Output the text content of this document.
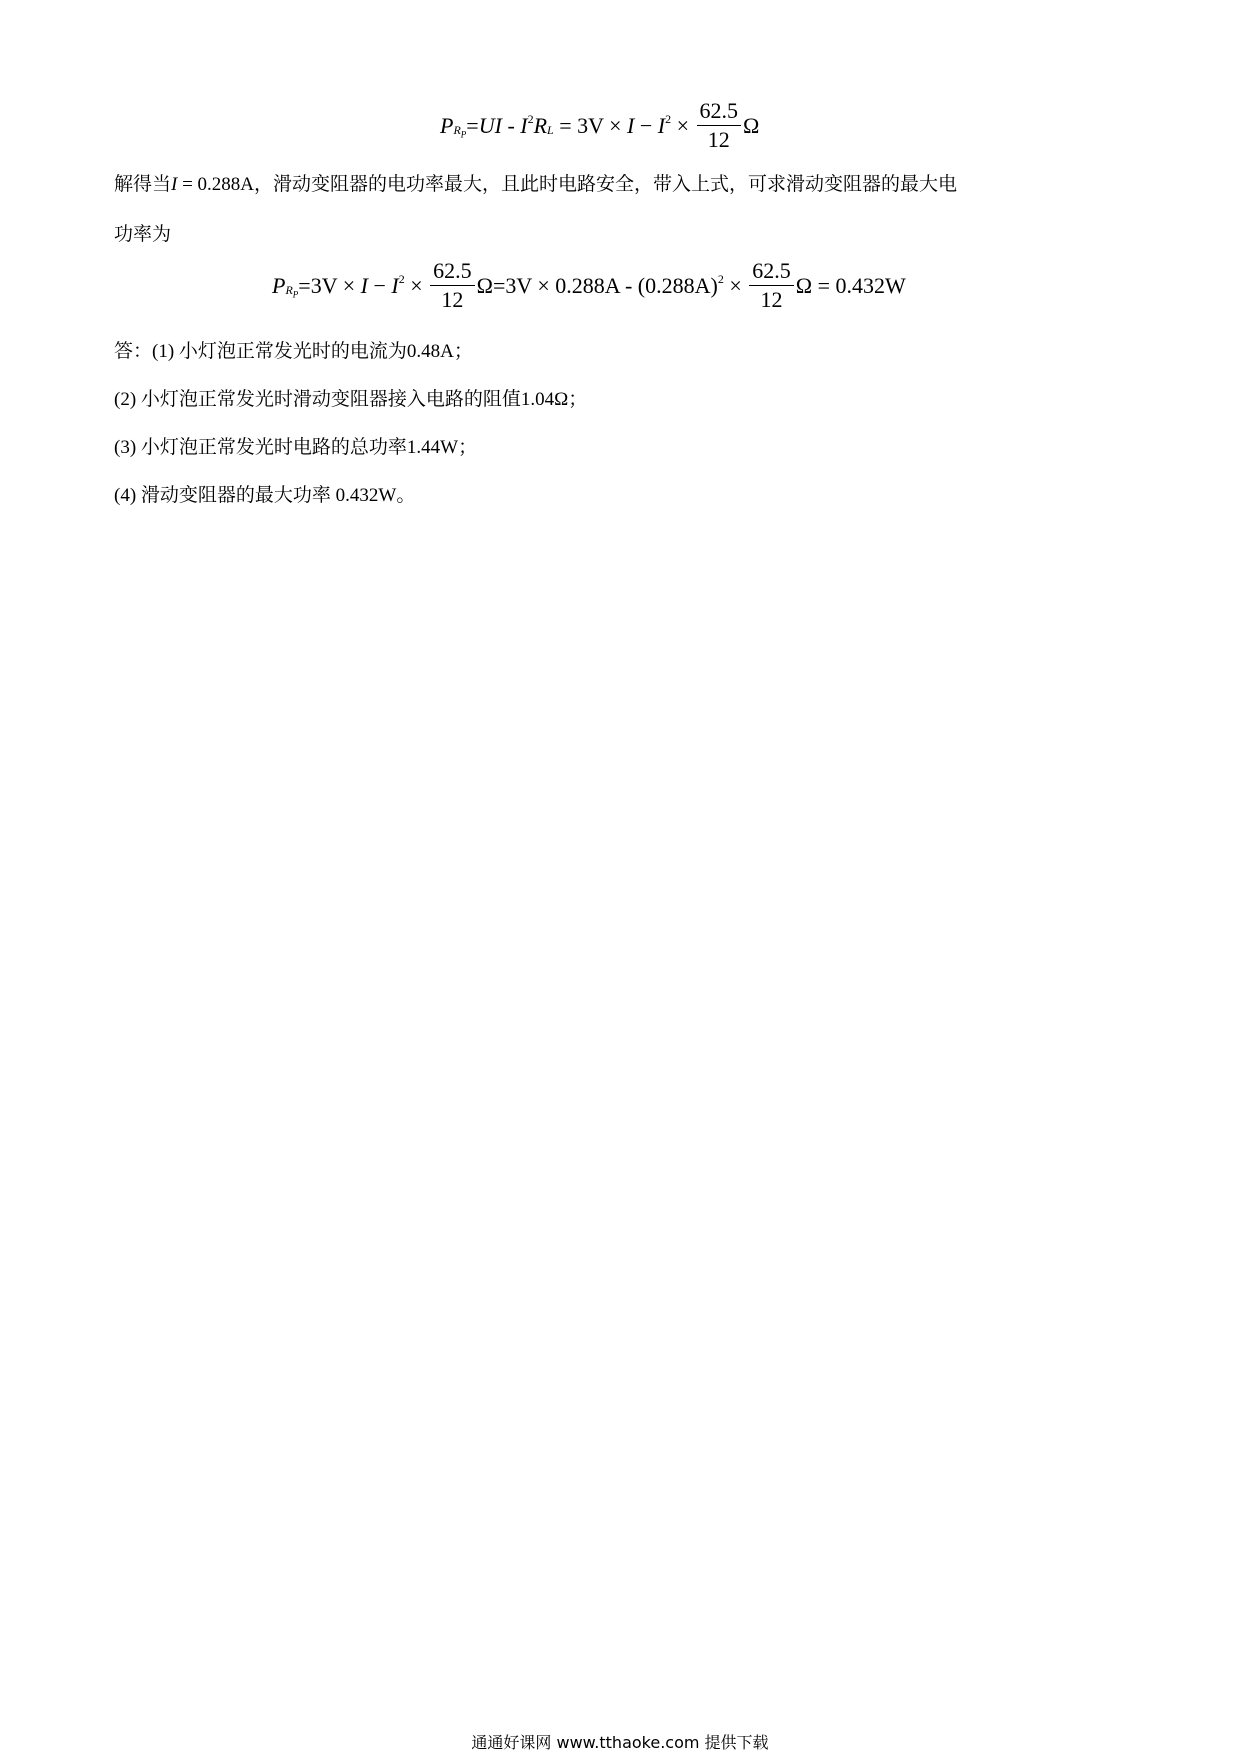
P $_{R_P}$ = UI - $I^2$ $R_L = 3V \times I - I^2 \times \frac{62.5}{12}$ Ω
解得当I = 0.288A，滑动变阻器的电功率最大，且此时电路安全，带入上式，可求滑动变阻器的最大电
功率为
P $_{R_P} =3V \times I - I^2 \times \frac{62.5}{12} \Omega=3V \times 0.288A - (0.288A)^2 \times \frac{62.5}{12}$ Ω = 0.432W
答：(1) 小灯泡正常发光时的电流为0.48A；
(2) 小灯泡正常发光时滑动变阻器接入电路的阻值1.04Ω；
(3) 小灯泡正常发光时电路的总功率1.44W；
(4) 滑动变阻器的最大功率 0.432W。
通通好课网 www.tthaoke.com 提供下载
